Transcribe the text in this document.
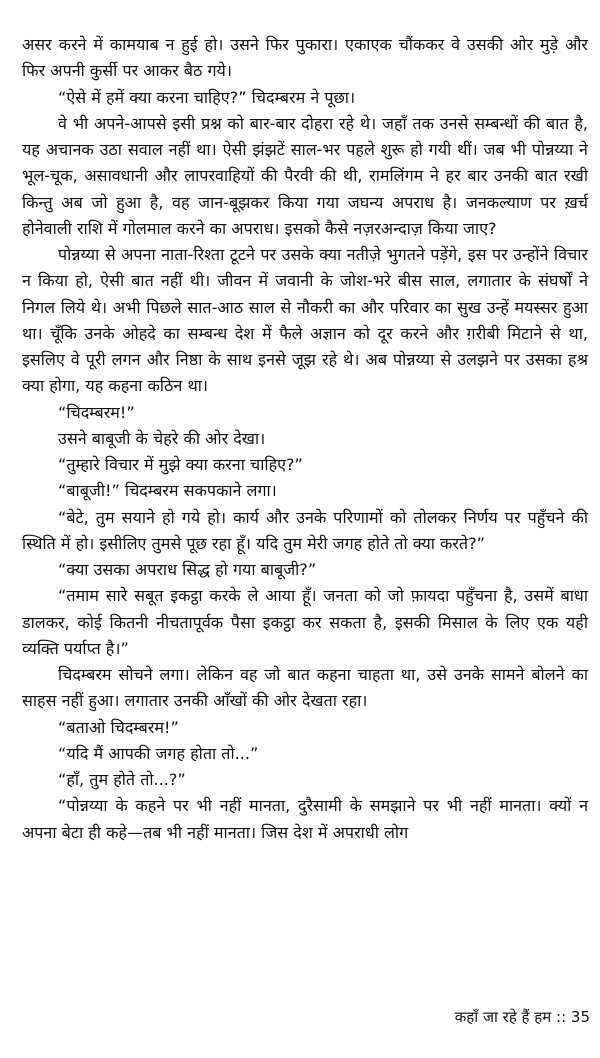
असर करने में कामयाब न हुई हो। उसने फिर पुकारा। एकाएक चौंककर वे उसकी ओर मुड़े और फिर अपनी कुर्सी पर आकर बैठ गये।

“ऐसे में हमें क्या करना चाहिए?” चिदम्बरम ने पूछा।

वे भी अपने-आपसे इसी प्रश्न को बार-बार दोहरा रहे थे। जहाँ तक उनसे सम्बन्धों की बात है, यह अचानक उठा सवाल नहीं था। ऐसी झंझटें साल-भर पहले शुरू हो गयी थीं। जब भी पोन्नय्या ने भूल-चूक, असावधानी और लापरवाहियों की पैरवी की थी, रामलिंगम ने हर बार उनकी बात रखी किन्तु अब जो हुआ है, वह जान-बूझकर किया गया जघन्य अपराध है। जनकल्याण पर ख़र्च होनेवाली राशि में गोलमाल करने का अपराध। इसको कैसे नज़रअन्दाज़ किया जाए?

पोन्नय्या से अपना नाता-रिश्ता टूटने पर उसके क्या नतीज़े भुगतने पड़ेंगे, इस पर उन्होंने विचार न किया हो, ऐसी बात नहीं थी। जीवन में जवानी के जोश-भरे बीस साल, लगातार के संघर्षों ने निगल लिये थे। अभी पिछले सात-आठ साल से नौकरी का और परिवार का सुख उन्हें मयस्सर हुआ था। चूँकि उनके ओहदे का सम्बन्ध देश में फैले अज्ञान को दूर करने और ग़रीबी मिटाने से था, इसलिए वे पूरी लगन और निष्ठा के साथ इनसे जूझ रहे थे। अब पोन्नय्या से उलझने पर उसका हश्र क्या होगा, यह कहना कठिन था।

“चिदम्बरम!”

उसने बाबूजी के चेहरे की ओर देखा।

“तुम्हारे विचार में मुझे क्या करना चाहिए?”

“बाबूजी!” चिदम्बरम सकपकाने लगा।

“बेटे, तुम सयाने हो गये हो। कार्य और उनके परिणामों को तोलकर निर्णय पर पहुँचने की स्थिति में हो। इसीलिए तुमसे पूछ रहा हूँ। यदि तुम मेरी जगह होते तो क्या करते?”

“क्या उसका अपराध सिद्ध हो गया बाबूजी?”

“तमाम सारे सबूत इकट्ठा करके ले आया हूँ। जनता को जो फ़ायदा पहुँचना है, उसमें बाधा डालकर, कोई कितनी नीचतापूर्वक पैसा इकट्ठा कर सकता है, इसकी मिसाल के लिए एक यही व्यक्ति पर्याप्त है।”

चिदम्बरम सोचने लगा। लेकिन वह जो बात कहना चाहता था, उसे उनके सामने बोलने का साहस नहीं हुआ। लगातार उनकी आँखों की ओर देखता रहा।

“बताओ चिदम्बरम!”

“यदि मैं आपकी जगह होता तो...”

“हाँ, तुम होते तो...?”

“पोन्नय्या के कहने पर भी नहीं मानता, दुरैसामी के समझाने पर भी नहीं मानता। क्यों न अपना बेटा ही कहे—तब भी नहीं मानता। जिस देश में अपराधी लोग

कहाँ जा रहे हैं हम :: 35
